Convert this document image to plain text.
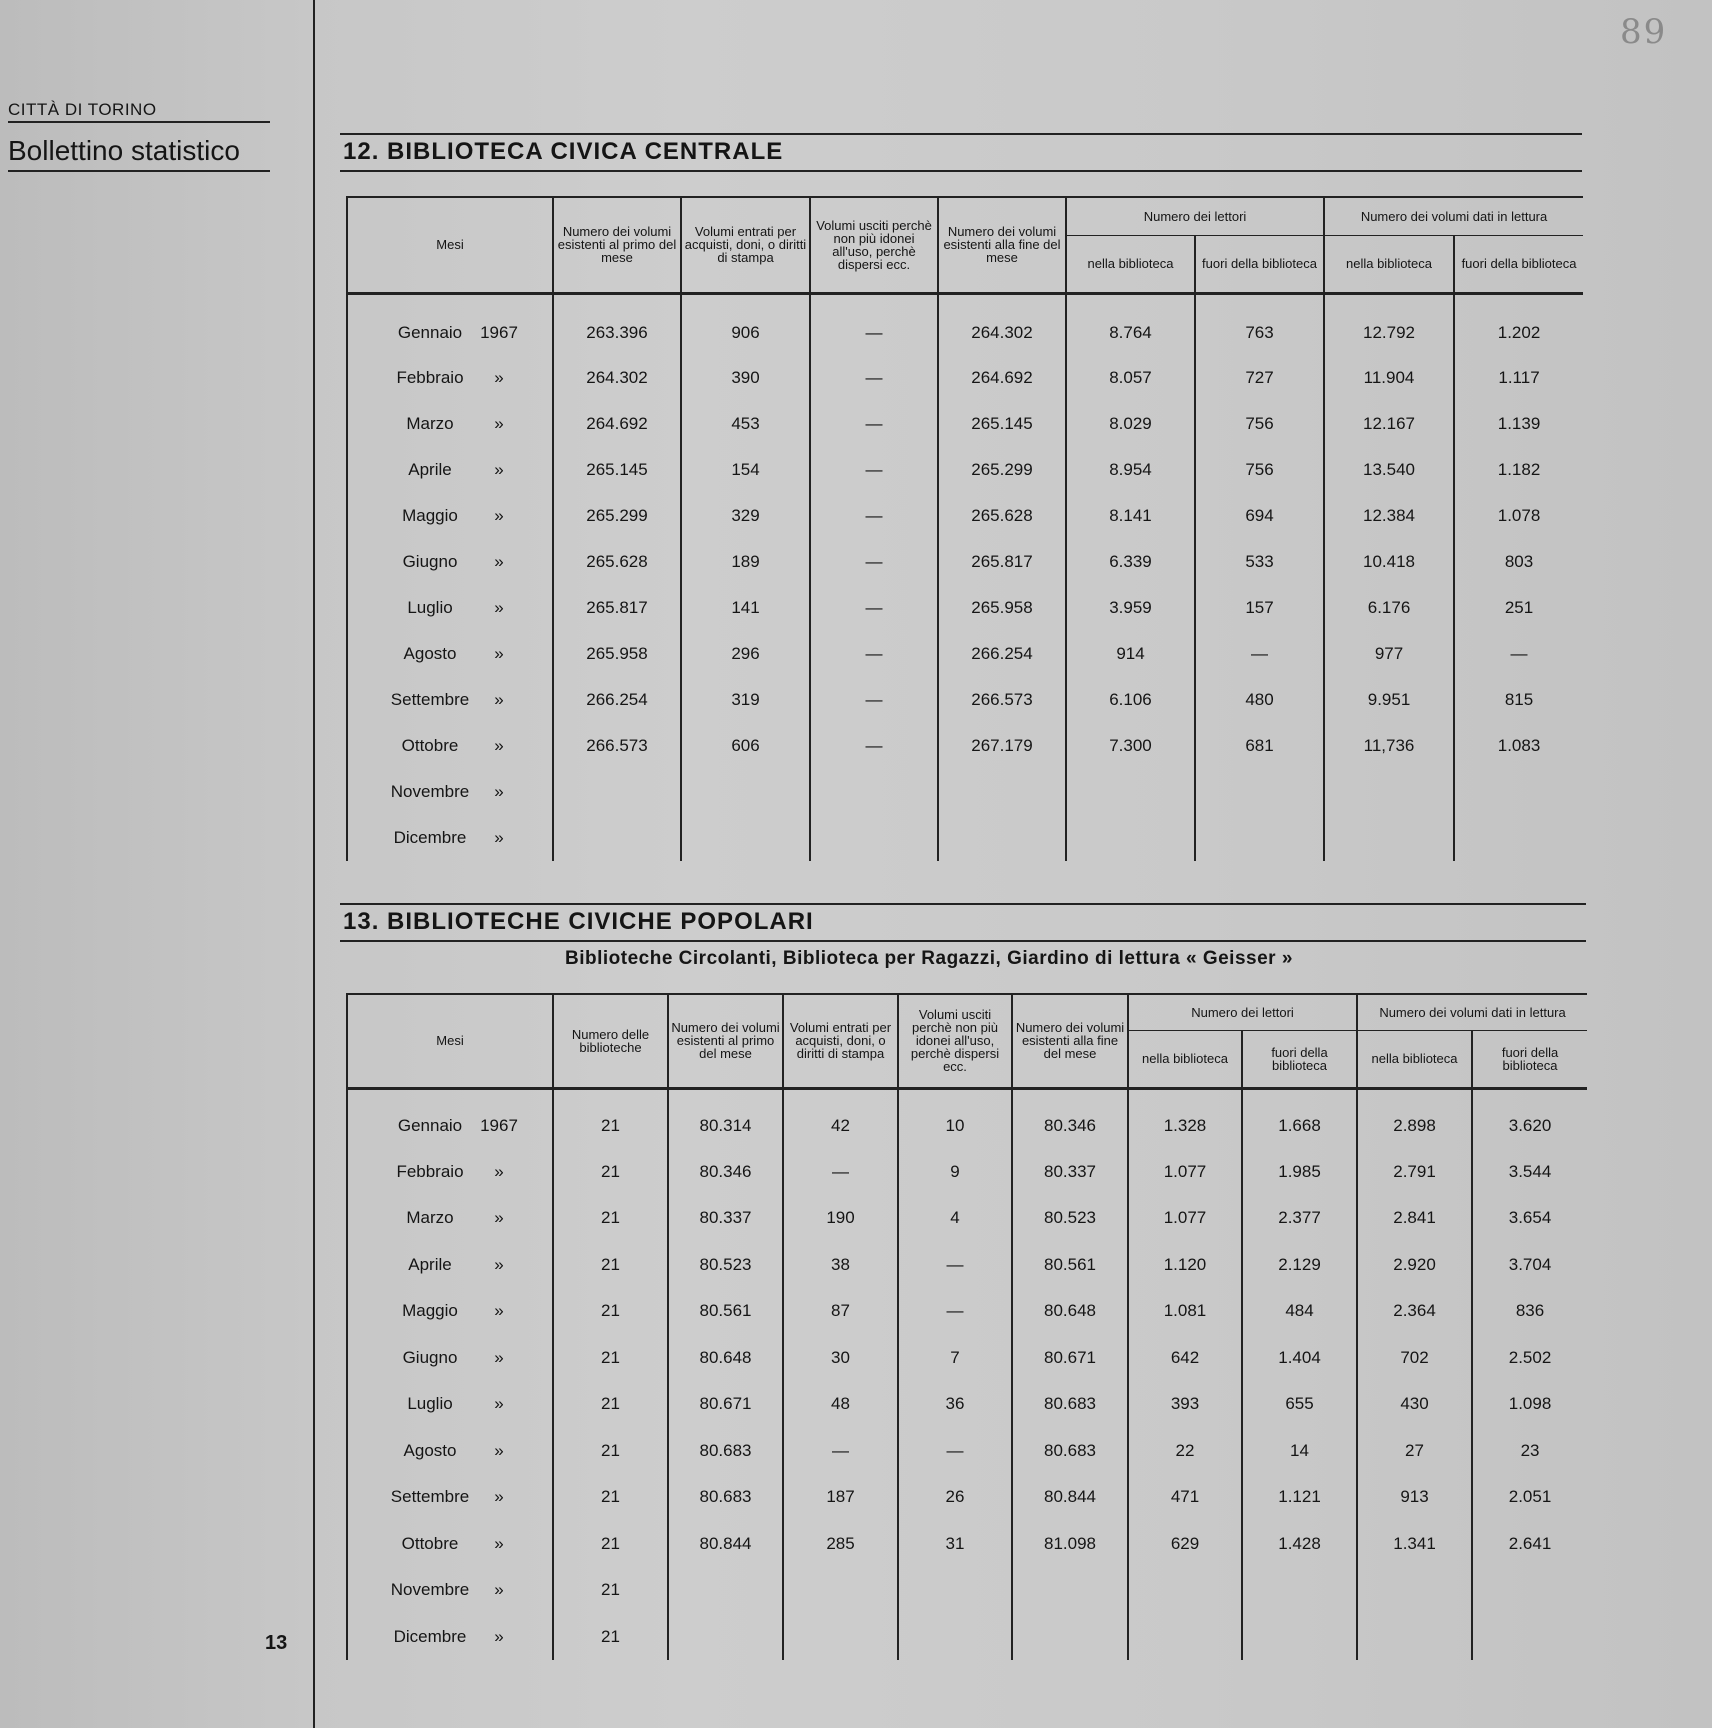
CITTÀ DI TORINO
Bollettino statistico
89
13
12. BIBLIOTECA CIVICA CENTRALE
Mesi	Numero dei volumi esistenti al primo del mese	Volumi entrati per acquisti, doni, o diritti di stampa	Volumi usciti perchè non più idonei all'uso, perchè dispersi ecc.	Numero dei volumi esistenti alla fine del mese	Numero dei lettori		Numero dei volumi dati in lettura	
					nella biblioteca	fuori della biblioteca	nella biblioteca	fuori della biblioteca
Gennaio 1967	263.396	906	—	264.302	8.764	763	12.792	1.202
Febbraio »	264.302	390	—	264.692	8.057	727	11.904	1.117
Marzo »	264.692	453	—	265.145	8.029	756	12.167	1.139
Aprile »	265.145	154	—	265.299	8.954	756	13.540	1.182
Maggio »	265.299	329	—	265.628	8.141	694	12.384	1.078
Giugno »	265.628	189	—	265.817	6.339	533	10.418	803
Luglio »	265.817	141	—	265.958	3.959	157	6.176	251
Agosto »	265.958	296	—	266.254	914	—	977	—
Settembre »	266.254	319	—	266.573	6.106	480	9.951	815
Ottobre »	266.573	606	—	267.179	7.300	681	11,736	1.083
Novembre »								
Dicembre »								
13. BIBLIOTECHE CIVICHE POPOLARI
Biblioteche Circolanti, Biblioteca per Ragazzi, Giardino di lettura « Geisser »
Mesi	Numero delle biblioteche	Numero dei volumi esistenti al primo del mese	Volumi entrati per acquisti, doni, o diritti di stampa	Volumi usciti perchè non più idonei all'uso, perchè dispersi ecc.	Numero dei volumi esistenti alla fine del mese	Numero dei lettori		Numero dei volumi dati in lettura	
						nella biblioteca	fuori della biblioteca	nella biblioteca	fuori della biblioteca
Gennaio 1967	21	80.314	42	10	80.346	1.328	1.668	2.898	3.620
Febbraio »	21	80.346	—	9	80.337	1.077	1.985	2.791	3.544
Marzo »	21	80.337	190	4	80.523	1.077	2.377	2.841	3.654
Aprile »	21	80.523	38	—	80.561	1.120	2.129	2.920	3.704
Maggio »	21	80.561	87	—	80.648	1.081	484	2.364	836
Giugno »	21	80.648	30	7	80.671	642	1.404	702	2.502
Luglio »	21	80.671	48	36	80.683	393	655	430	1.098
Agosto »	21	80.683	—	—	80.683	22	14	27	23
Settembre »	21	80.683	187	26	80.844	471	1.121	913	2.051
Ottobre »	21	80.844	285	31	81.098	629	1.428	1.341	2.641
Novembre »	21								
Dicembre »	21								
